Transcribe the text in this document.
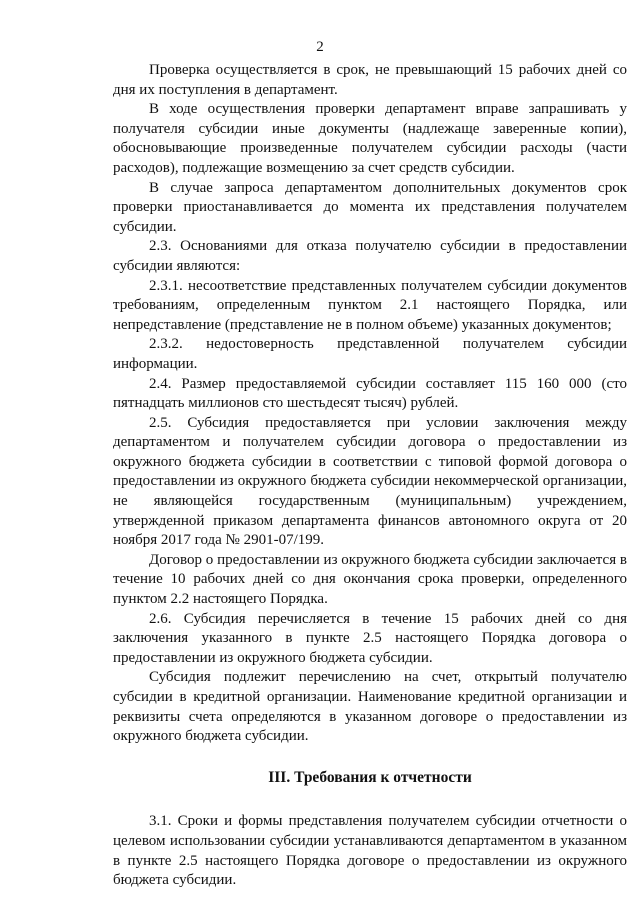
2

Проверка осуществляется в срок, не превышающий 15 рабочих дней со дня их поступления в департамент.

В ходе осуществления проверки департамент вправе запрашивать у получателя субсидии иные документы (надлежаще заверенные копии), обосновывающие произведенные получателем субсидии расходы (части расходов), подлежащие возмещению за счет средств субсидии.

В случае запроса департаментом дополнительных документов срок проверки приостанавливается до момента их представления получателем субсидии.

2.3. Основаниями для отказа получателю субсидии в предоставлении субсидии являются:

2.3.1. несоответствие представленных получателем субсидии документов требованиям, определенным пунктом 2.1 настоящего Порядка, или непредставление (представление не в полном объеме) указанных документов;

2.3.2. недостоверность представленной получателем субсидии информации.

2.4. Размер предоставляемой субсидии составляет 115 160 000 (сто пятнадцать миллионов сто шестьдесят тысяч) рублей.

2.5. Субсидия предоставляется при условии заключения между департаментом и получателем субсидии договора о предоставлении из окружного бюджета субсидии в соответствии с типовой формой договора о предоставлении из окружного бюджета субсидии некоммерческой организации, не являющейся государственным (муниципальным) учреждением, утвержденной приказом департамента финансов автономного округа от 20 ноября 2017 года № 2901-07/199.

Договор о предоставлении из окружного бюджета субсидии заключается в течение 10 рабочих дней со дня окончания срока проверки, определенного пунктом 2.2 настоящего Порядка.

2.6. Субсидия перечисляется в течение 15 рабочих дней со дня заключения указанного в пункте 2.5 настоящего Порядка договора о предоставлении из окружного бюджета субсидии.

Субсидия подлежит перечислению на счет, открытый получателю субсидии в кредитной организации. Наименование кредитной организации и реквизиты счета определяются в указанном договоре о предоставлении из окружного бюджета субсидии.

III. Требования к отчетности

3.1. Сроки и формы представления получателем субсидии отчетности о целевом использовании субсидии устанавливаются департаментом в указанном в пункте 2.5 настоящего Порядка договоре о предоставлении из окружного бюджета субсидии.
